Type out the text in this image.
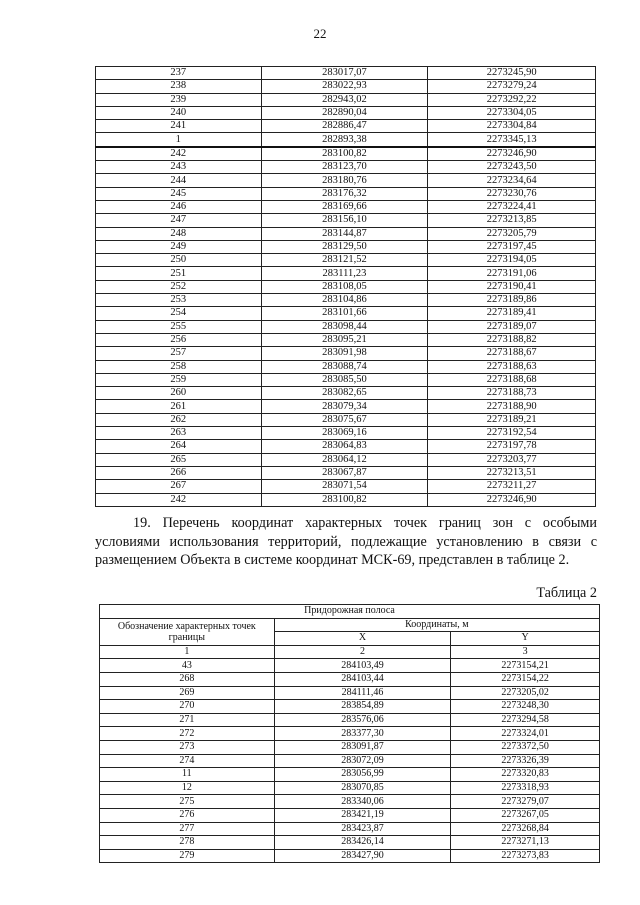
22
237	283017,07	2273245,90
238	283022,93	2273279,24
239	282943,02	2273292,22
240	282890,04	2273304,05
241	282886,47	2273304,84
1	282893,38	2273345,13
242	283100,82	2273246,90
243	283123,70	2273243,50
244	283180,76	2273234,64
245	283176,32	2273230,76
246	283169,66	2273224,41
247	283156,10	2273213,85
248	283144,87	2273205,79
249	283129,50	2273197,45
250	283121,52	2273194,05
251	283111,23	2273191,06
252	283108,05	2273190,41
253	283104,86	2273189,86
254	283101,66	2273189,41
255	283098,44	2273189,07
256	283095,21	2273188,82
257	283091,98	2273188,67
258	283088,74	2273188,63
259	283085,50	2273188,68
260	283082,65	2273188,73
261	283079,34	2273188,90
262	283075,67	2273189,21
263	283069,16	2273192,54
264	283064,83	2273197,78
265	283064,12	2273203,77
266	283067,87	2273213,51
267	283071,54	2273211,27
242	283100,82	2273246,90
19. Перечень координат характерных точек границ зон с особыми условиями использования территорий, подлежащие установлению в связи с размещением Объекта в системе координат МСК-69, представлен в таблице 2.
Таблица 2
Придорожная полоса		
Обозначение характерных точек границы	Координаты, м	
	X	Y
1	2	3
43	284103,49	2273154,21
268	284103,44	2273154,22
269	284111,46	2273205,02
270	283854,89	2273248,30
271	283576,06	2273294,58
272	283377,30	2273324,01
273	283091,87	2273372,50
274	283072,09	2273326,39
11	283056,99	2273320,83
12	283070,85	2273318,93
275	283340,06	2273279,07
276	283421,19	2273267,05
277	283423,87	2273268,84
278	283426,14	2273271,13
279	283427,90	2273273,83
